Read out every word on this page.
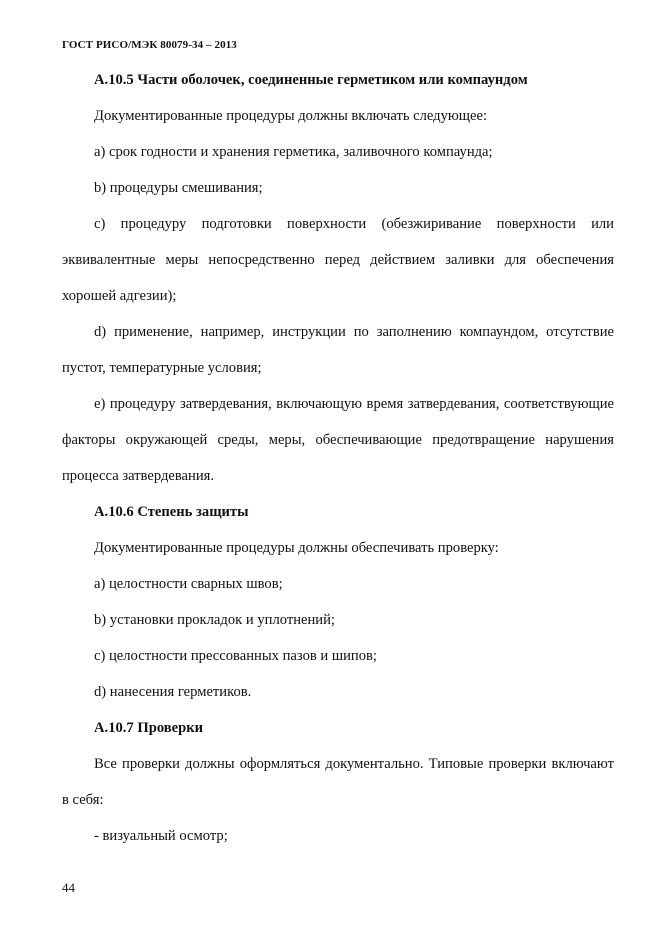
ГОСТ РИСО/МЭК 80079-34 – 2013

А.10.5 Части оболочек, соединенные герметиком или компаундом

Документированные процедуры должны включать следующее:

а) срок годности и хранения герметика, заливочного компаунда;

b) процедуры смешивания;

c) процедуру подготовки поверхности (обезжиривание поверхности или эквивалентные меры непосредственно перед действием заливки для обеспечения хорошей адгезии);

d) применение, например, инструкции по заполнению компаундом, отсутствие пустот, температурные условия;

e) процедуру затвердевания, включающую время затвердевания, соответствующие факторы окружающей среды, меры, обеспечивающие предотвращение нарушения процесса затвердевания.

А.10.6 Степень защиты

Документированные процедуры должны обеспечивать проверку:

а) целостности сварных швов;

b) установки прокладок и уплотнений;

c) целостности прессованных пазов и шипов;

d) нанесения герметиков.

А.10.7 Проверки

Все проверки должны оформляться документально. Типовые проверки включают в себя:

- визуальный осмотр;

44
